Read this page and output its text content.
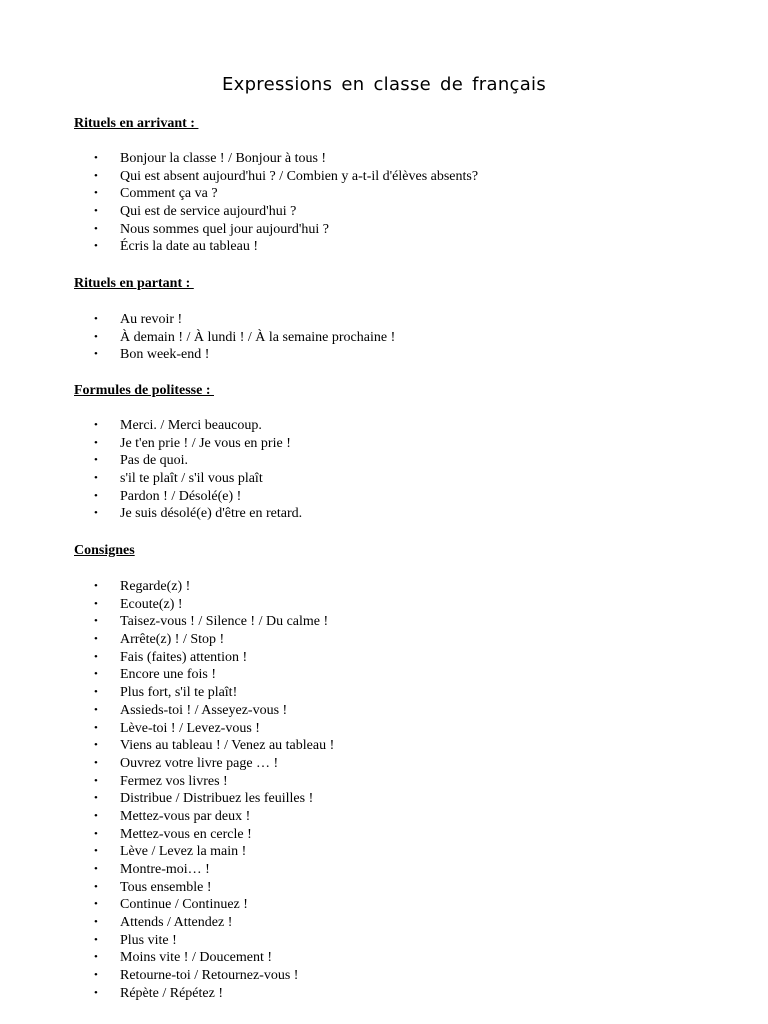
Expressions en classe de français
Rituels en arrivant :
• Bonjour la classe ! / Bonjour à tous !
• Qui est absent aujourd'hui ? / Combien y a-t-il d'élèves absents?
• Comment ça va ?
• Qui est de service aujourd'hui ?
• Nous sommes quel jour aujourd'hui ?
• Écris la date au tableau !
Rituels en partant :
• Au revoir !
• À demain ! / À lundi ! / À la semaine prochaine !
• Bon week-end !
Formules de politesse :
• Merci. / Merci beaucoup.
• Je t'en prie ! / Je vous en prie !
• Pas de quoi.
• s'il te plaît / s'il vous plaît
• Pardon ! / Désolé(e) !
• Je suis désolé(e) d'être en retard.
Consignes
• Regarde(z) !
• Ecoute(z) !
• Taisez-vous ! / Silence ! / Du calme !
• Arrête(z) ! / Stop !
• Fais (faites) attention !
• Encore une fois !
• Plus fort, s'il te plaît!
• Assieds-toi ! / Asseyez-vous !
• Lève-toi ! / Levez-vous !
• Viens au tableau ! / Venez au tableau !
• Ouvrez votre livre page … !
• Fermez vos livres !
• Distribue / Distribuez les feuilles !
• Mettez-vous par deux !
• Mettez-vous en cercle !
• Lève / Levez la main !
• Montre-moi… !
• Tous ensemble !
• Continue / Continuez !
• Attends / Attendez !
• Plus vite !
• Moins vite ! / Doucement !
• Retourne-toi / Retournez-vous !
• Répète / Répétez !
